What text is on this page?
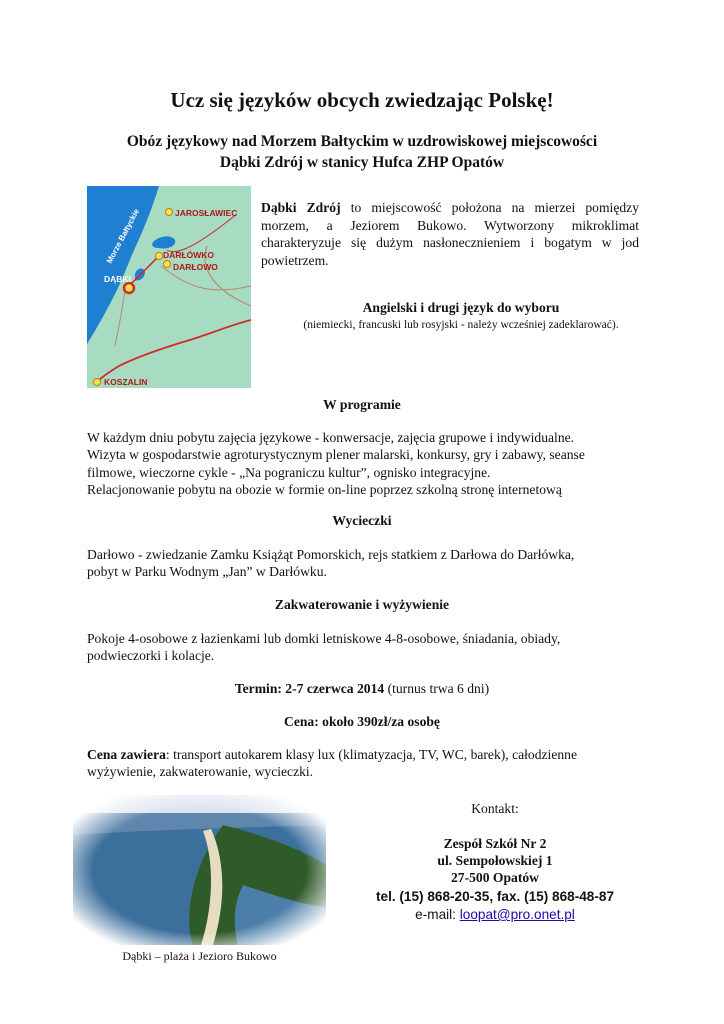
Ucz się języków obcych zwiedzając Polskę!
Obóz językowy nad Morzem Bałtyckim w uzdrowiskowej miejscowości
Dąbki Zdrój w stanicy Hufca ZHP Opatów
Morze Bałtyckie	JAROSŁAWIEC
DARŁÓWKO
DARŁOWO
DĄBKI
KOSZALIN
Dąbki Zdrój to miejscowość położona na mierzei pomiędzy morzem, a Jeziorem Bukowo. Wytworzony mikroklimat charakteryzuje się dużym nasłonecznieniem i bogatym w jod powietrzem.
Angielski i drugi język do wyboru
(niemiecki, francuski lub rosyjski - należy wcześniej zadeklarować).
W programie
W każdym dniu pobytu zajęcia językowe - konwersacje, zajęcia grupowe i indywidualne.
Wizyta w gospodarstwie agroturystycznym plener malarski, konkursy, gry i zabawy, seanse
filmowe, wieczorne cykle - „Na pograniczu kultur”, ognisko integracyjne.
Relacjonowanie pobytu na obozie w formie on-line poprzez szkolną stronę internetową
Wycieczki
Darłowo - zwiedzanie Zamku Książąt Pomorskich, rejs statkiem z Darłowa do Darłówka,
pobyt w Parku Wodnym „Jan” w Darłówku.
Zakwaterowanie i wyżywienie
Pokoje 4-osobowe z łazienkami lub domki letniskowe 4-8-osobowe, śniadania, obiady,
podwieczorki i kolacje.
Termin: 2-7 czerwca 2014 (turnus trwa 6 dni)
Cena: około 390zł/za osobę
Cena zawiera: transport autokarem klasy lux (klimatyzacja, TV, WC, barek), całodzienne
wyżywienie, zakwaterowanie, wycieczki.
Dąbki – plaża i Jezioro Bukowo
Kontakt:
Zespół Szkół Nr 2
ul. Sempołowskiej 1
27-500 Opatów
tel. (15) 868-20-35, fax. (15) 868-48-87
e-mail: loopat@pro.onet.pl
